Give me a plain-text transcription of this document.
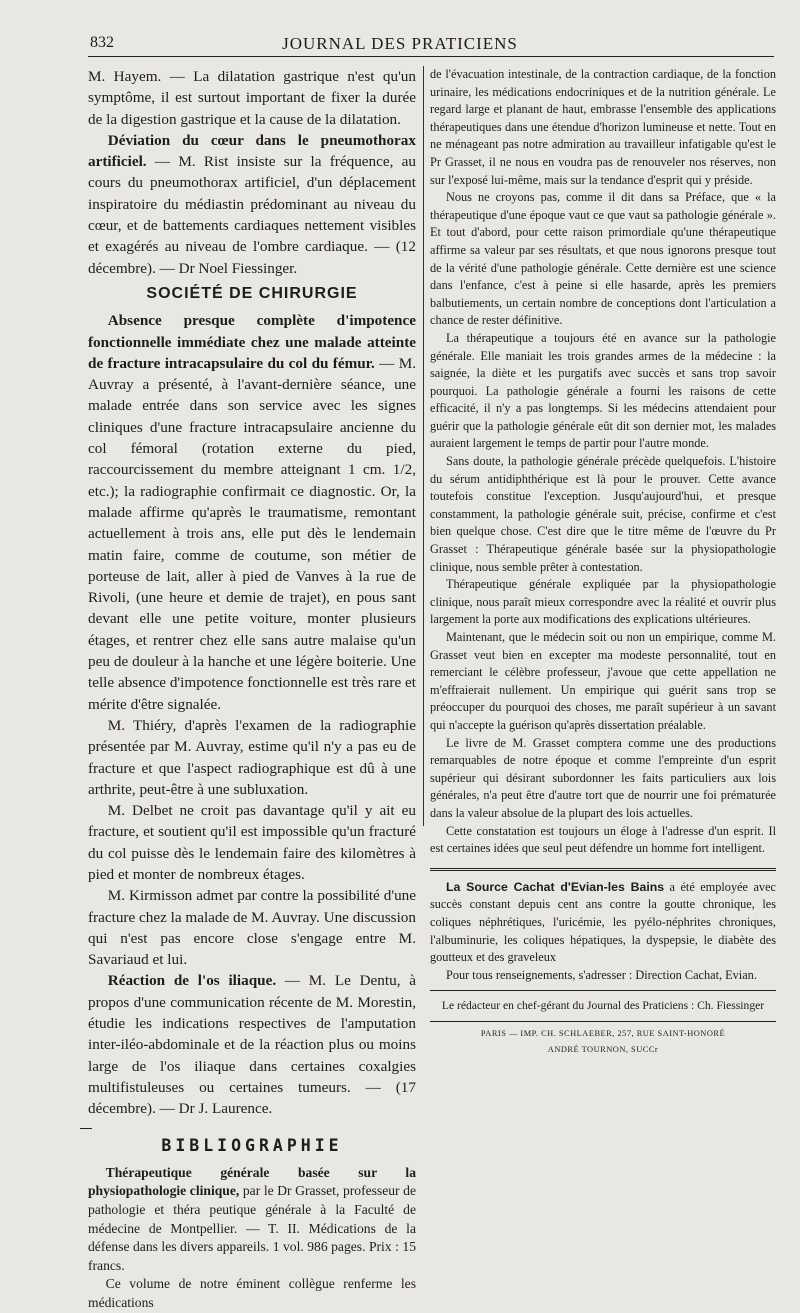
832	JOURNAL DES PRATICIENS

M. Hayem. — La dilatation gastrique n'est qu'un symptôme, il est surtout important de fixer la durée de la digestion gastrique et la cause de la dilatation.

Déviation du cœur dans le pneumothorax artificiel. — M. Rist insiste sur la fréquence, au cours du pneumothorax artificiel, d'un déplacement inspiratoire du médiastin prédominant au niveau du cœur, et de battements cardiaques nettement visibles et exagérés au niveau de l'ombre cardiaque. — (12 décembre). — Dr Noel Fiessinger.

SOCIÉTÉ DE CHIRURGIE

Absence presque complète d'impotence fonctionnelle immédiate chez une malade atteinte de fracture intracapsulaire du col du fémur. — M. Auvray a présenté, à l'avant-dernière séance, une malade entrée dans son service avec les signes cliniques d'une fracture intracapsulaire ancienne du col fémoral (rotation externe du pied, raccourcissement du membre atteignant 1 cm. 1/2, etc.); la radiographie confirmait ce diagnostic. Or, la malade affirme qu'après le traumatisme, remontant actuellement à trois ans, elle put dès le lendemain matin faire, comme de coutume, son métier de porteuse de lait, aller à pied de Vanves à la rue de Rivoli, (une heure et demie de trajet), en pous sant devant elle une petite voiture, monter plusieurs étages, et rentrer chez elle sans autre malaise qu'un peu de douleur à la hanche et une légère boiterie. Une telle absence d'impotence fonctionnelle est très rare et mérite d'être signalée.

M. Thiéry, d'après l'examen de la radiographie présentée par M. Auvray, estime qu'il n'y a pas eu de fracture et que l'aspect radiographique est dû à une arthrite, peut-être à une subluxation.

M. Delbet ne croit pas davantage qu'il y ait eu fracture, et soutient qu'il est impossible qu'un fracturé du col puisse dès le lendemain faire des kilomètres à pied et monter de nombreux étages.

M. Kirmisson admet par contre la possibilité d'une fracture chez la malade de M. Auvray. Une discussion qui n'est pas encore close s'engage entre M. Savariaud et lui.

Réaction de l'os iliaque. — M. Le Dentu, à propos d'une communication récente de M. Morestin, étudie les indications respectives de l'amputation inter-iléo-abdominale et de la réaction plus ou moins large de l'os iliaque dans certaines coxalgies multifistuleuses ou certaines tumeurs. — (17 décembre). — Dr J. Laurence.

BIBLIOGRAPHIE

Thérapeutique générale basée sur la physiopathologie clinique, par le Dr Grasset, professeur de pathologie et théra peutique générale à la Faculté de médecine de Montpellier. — T. II. Médications de la défense dans les divers appareils. 1 vol. 986 pages. Prix : 15 francs.

Ce volume de notre éminent collègue renferme les médications

de l'évacuation intestinale, de la contraction cardiaque, de la fonction urinaire, les médications endocriniques et de la nutrition générale. Le regard large et planant de haut, embrasse l'ensemble des applications thérapeutiques dans une étendue d'horizon lumineuse et nette. Tout en ne ménageant pas notre admiration au travailleur infatigable qu'est le Pr Grasset, il ne nous en voudra pas de renouveler nos réserves, non sur l'exposé lui-même, mais sur la tendance d'esprit qui y préside.

Nous ne croyons pas, comme il dit dans sa Préface, que « la thérapeutique d'une époque vaut ce que vaut sa pathologie générale ». Et tout d'abord, pour cette raison primordiale qu'une thérapeutique affirme sa valeur par ses résultats, et que nous ignorons presque tout de la vérité d'une pathologie générale. Cette dernière est une science dans l'enfance, c'est à peine si elle hasarde, après les premiers balbutiements, un certain nombre de conceptions dont l'articulation a chance de rester définitive.

La thérapeutique a toujours été en avance sur la pathologie générale. Elle maniait les trois grandes armes de la médecine : la saignée, la diète et les purgatifs avec succès et sans trop savoir pourquoi. La pathologie générale a fourni les raisons de cette efficacité, il n'y a pas longtemps. Si les médecins attendaient pour guérir que la pathologie générale eût dit son dernier mot, les malades auraient largement le temps de partir pour l'autre monde.

Sans doute, la pathologie générale précède quelquefois. L'histoire du sérum antidiphthérique est là pour le prouver. Cette avance toutefois constitue l'exception. Jusqu'aujourd'hui, et presque constamment, la pathologie générale suit, précise, confirme et c'est bien quelque chose. C'est dire que le titre même de l'œuvre du Pr Grasset : Thérapeutique générale basée sur la physiopathologie clinique, nous semble prêter à contestation.

Thérapeutique générale expliquée par la physiopathologie clinique, nous paraît mieux correspondre avec la réalité et ouvrir plus largement la porte aux modifications des explications ultérieures.

Maintenant, que le médecin soit ou non un empirique, comme M. Grasset veut bien en excepter ma modeste personnalité, tout en remerciant le célèbre professeur, j'avoue que cette appellation ne m'effraierait nullement. Un empirique qui guérit sans trop se préoccuper du pourquoi des choses, me paraît supérieur à un savant qui n'accepte la guérison qu'après dissertation préalable.

Le livre de M. Grasset comptera comme une des productions remarquables de notre époque et comme l'empreinte d'un esprit supérieur qui désirant subordonner les faits particuliers aux lois générales, n'a peut être d'autre tort que de nourrir une foi prématurée dans la valeur absolue de la plupart des lois actuelles.

Cette constatation est toujours un éloge à l'adresse d'un esprit. Il est certaines idées que seul peut défendre un homme fort intelligent.

La Source Cachat d'Evian-les Bains a été employée avec succès constant depuis cent ans contre la goutte chronique, les coliques néphrétiques, l'uricémie, les pyélo-néphrites chroniques, l'albuminurie, les coliques hépatiques, la dyspepsie, le diabète des goutteux et des graveleux

Pour tous renseignements, s'adresser : Direction Cachat, Evian.

Le rédacteur en chef-gérant du Journal des Praticiens : Ch. Fiessinger

PARIS — IMP. CH. SCHLAEBER, 257, RUE SAINT-HONORÉ

ANDRÉ TOURNON, SUCCr
